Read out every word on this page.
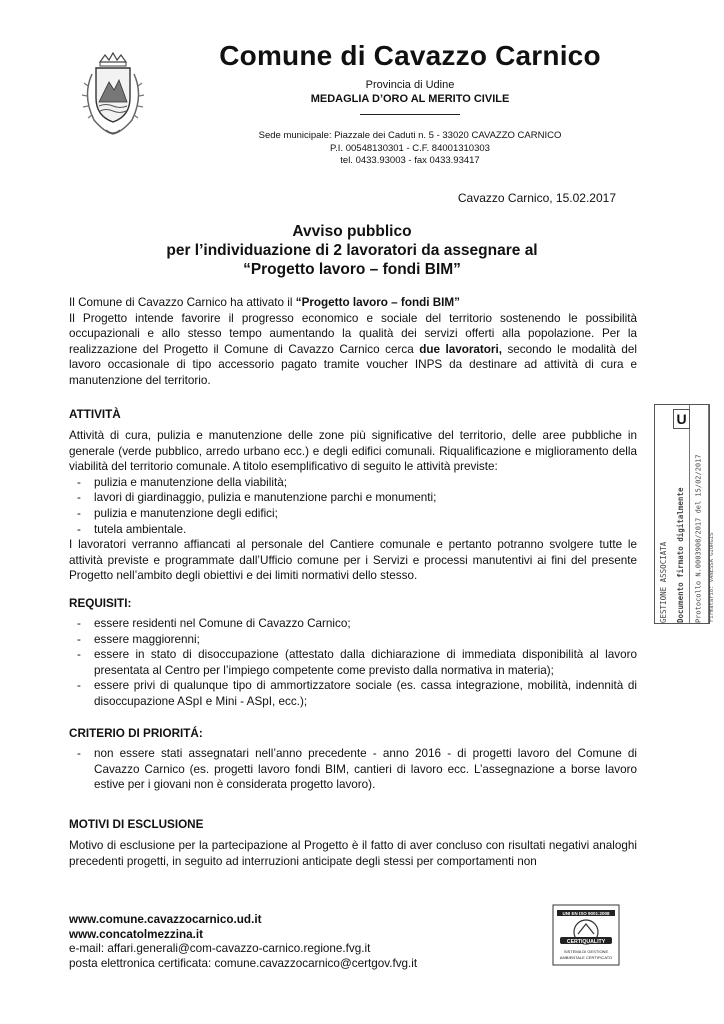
Comune di Cavazzo Carnico
Provincia di Udine
MEDAGLIA D’ORO AL MERITO CIVILE
Sede municipale: Piazzale dei Caduti n. 5 - 33020 CAVAZZO CARNICO
P.I. 00548130301 - C.F. 84001310303
tel. 0433.93003 - fax 0433.93417
Cavazzo Carnico, 15.02.2017
Avviso pubblico
per l’individuazione di 2 lavoratori da assegnare al
“Progetto lavoro – fondi BIM”

Il Comune di Cavazzo Carnico ha attivato il “Progetto lavoro – fondi BIM”

Il Progetto intende favorire il progresso economico e sociale del territorio sostenendo le possibilità occupazionali e allo stesso tempo aumentando la qualità dei servizi offerti alla popolazione. Per la realizzazione del Progetto il Comune di Cavazzo Carnico cerca due lavoratori, secondo le modalità del lavoro occasionale di tipo accessorio pagato tramite voucher INPS da destinare ad attività di cura e manutenzione del territorio.

ATTIVITÀ

Attività di cura, pulizia e manutenzione delle zone più significative del territorio, delle aree pubbliche in generale (verde pubblico, arredo urbano ecc.) e degli edifici comunali. Riqualificazione e miglioramento della viabilità del territorio comunale. A titolo esemplificativo di seguito le attività previste:

- pulizia e manutenzione della viabilità;
- lavori di giardinaggio, pulizia e manutenzione parchi e monumenti;
- pulizia e manutenzione degli edifici;
- tutela ambientale.

I lavoratori verranno affiancati al personale del Cantiere comunale e pertanto potranno svolgere tutte le attività previste e programmate dall’Ufficio comune per i Servizi e processi manutentivi ai fini del presente Progetto nell’ambito degli obiettivi e dei limiti normativi dello stesso.

REQUISITI:
- essere residenti nel Comune di Cavazzo Carnico;
- essere maggiorenni;
- essere in stato di disoccupazione (attestato dalla dichiarazione di immediata disponibilità al lavoro presentata al Centro per l’impiego competente come previsto dalla normativa in materia);
- essere privi di qualunque tipo di ammortizzatore sociale (es. cassa integrazione, mobilità, indennità di disoccupazione ASpI e Mini - ASpI, ecc.);
CRITERIO DI PRIORITÁ:
- non essere stati assegnatari nell’anno precedente - anno 2016 - di progetti lavoro del Comune di Cavazzo Carnico (es. progetti lavoro fondi BIM, cantieri di lavoro ecc. L’assegnazione a borse lavoro estive per i giovani non è considerata progetto lavoro).
MOTIVI DI ESCLUSIONE
Motivo di esclusione per la partecipazione al Progetto è il fatto di aver concluso con risultati negativi analoghi precedenti progetti, in seguito ad interruzioni anticipate degli stessi per comportamenti non
GESTIONE ASSOCIATA	Documento firmato digitalmente	Protocollo N.0003908/2017 del 15/02/2017
U
Firmatario: VANESSA GIORGIS
www.comune.cavazzocarnico.ud.it
www.concatolmezzina.it
e-mail: affari.generali@com-cavazzo-carnico.regione.fvg.it
posta elettronica certificata: comune.cavazzocarnico@certgov.fvg.it
UNI EN ISO 9001:2008
CERTIQUALITY
SISTEMA DI GESTIONE
AMBIENTALE CERTIFICATO
